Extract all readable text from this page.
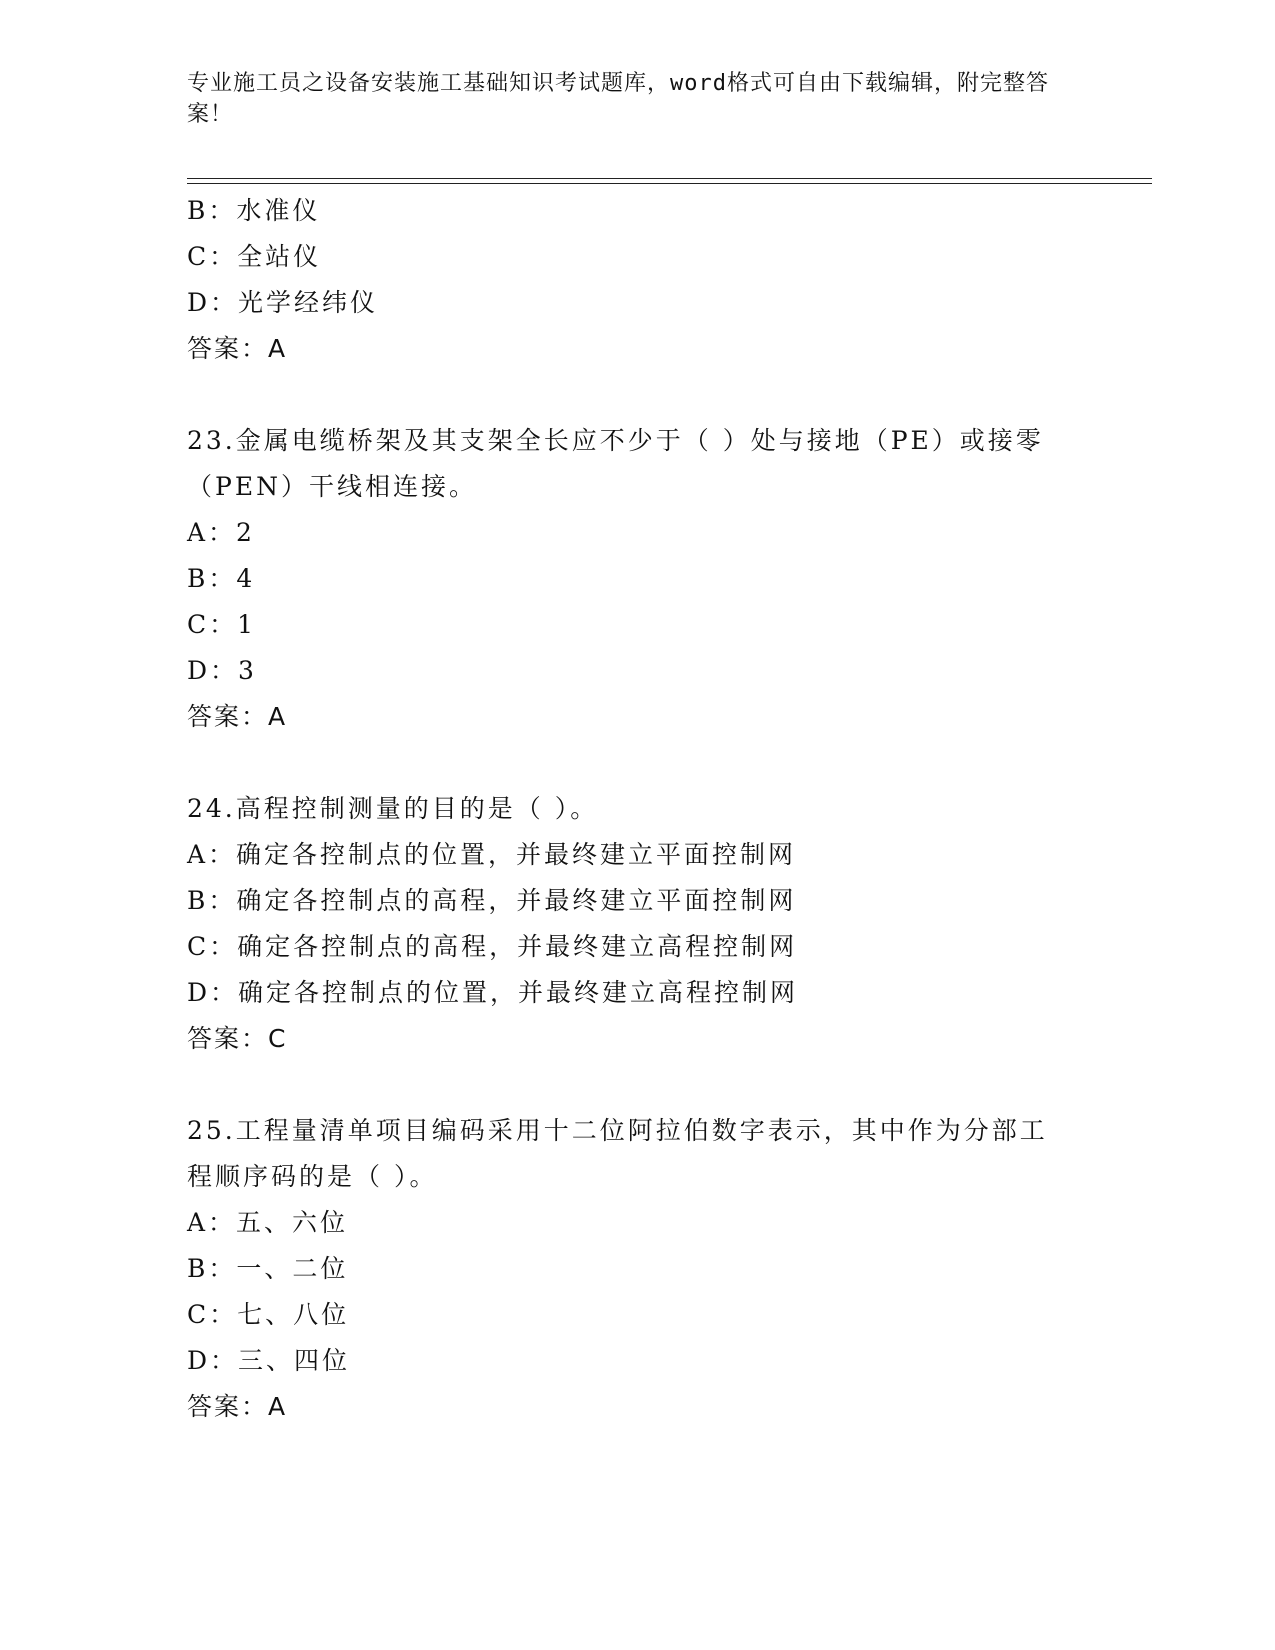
专业施工员之设备安装施工基础知识考试题库，word格式可自由下载编辑，附完整答案！
B：水准仪
C：全站仪
D：光学经纬仪
答案：A
23.金属电缆桥架及其支架全长应不少于（ ）处与接地（PE）或接零（PEN）干线相连接。
A：2
B：4
C：1
D：3
答案：A
24.高程控制测量的目的是（ ）。
A：确定各控制点的位置，并最终建立平面控制网
B：确定各控制点的高程，并最终建立平面控制网
C：确定各控制点的高程，并最终建立高程控制网
D：确定各控制点的位置，并最终建立高程控制网
答案：C
25.工程量清单项目编码采用十二位阿拉伯数字表示，其中作为分部工程顺序码的是（ ）。
A：五、六位
B：一、二位
C：七、八位
D：三、四位
答案：A
